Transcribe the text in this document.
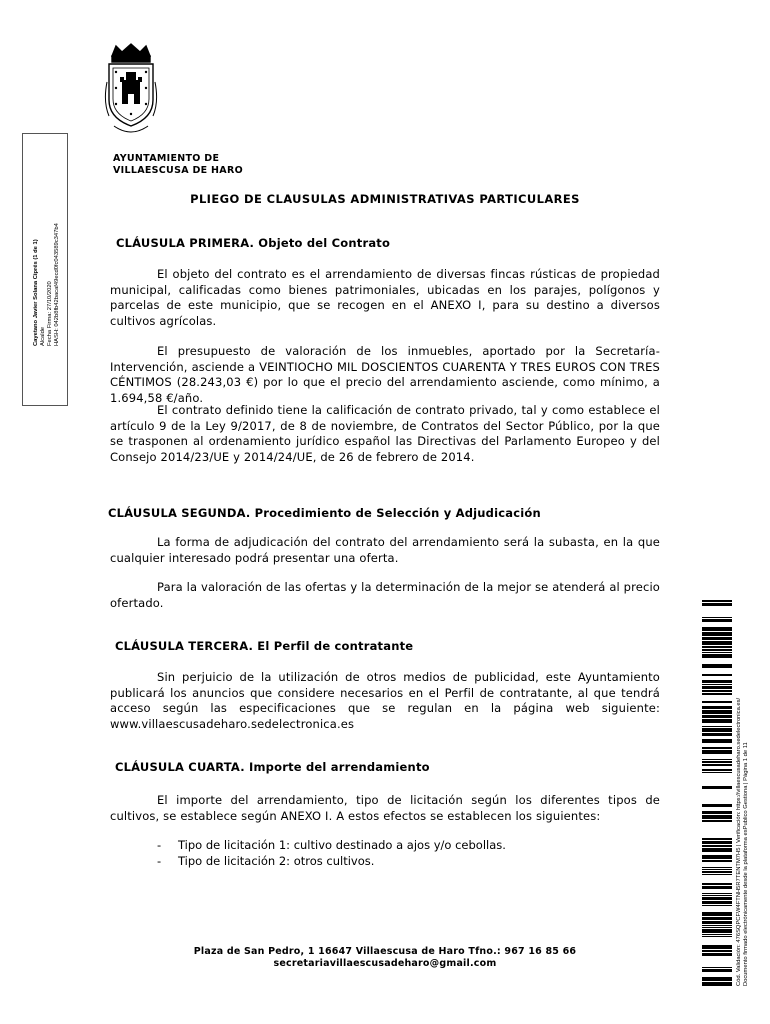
AYUNTAMIENTO DE
VILLAESCUSA DE HARO
PLIEGO DE CLAUSULAS ADMINISTRATIVAS PARTICULARES
CLÁUSULA PRIMERA. Objeto del Contrato

El objeto del contrato es el arrendamiento de diversas fincas rústicas de propiedad municipal, calificadas como bienes patrimoniales, ubicadas en los parajes, polígonos y parcelas de este municipio, que se recogen en el ANEXO I, para su destino a diversos cultivos agrícolas.

El presupuesto de valoración de los inmuebles, aportado por la Secretaría-Intervención, asciende a VEINTIOCHO MIL DOSCIENTOS CUARENTA Y TRES EUROS CON TRES CÉNTIMOS (28.243,03 €) por lo que el precio del arrendamiento asciende, como mínimo, a 1.694,58 €/año.

El contrato definido tiene la calificación de contrato privado, tal y como establece el artículo 9 de la Ley 9/2017, de 8 de noviembre, de Contratos del Sector Público, por la que se trasponen al ordenamiento jurídico español las Directivas del Parlamento Europeo y del Consejo 2014/23/UE y 2014/24/UE, de 26 de febrero de 2014.

CLÁUSULA SEGUNDA. Procedimiento de Selección y Adjudicación

La forma de adjudicación del contrato del arrendamiento será la subasta, en la que cualquier interesado podrá presentar una oferta.

Para la valoración de las ofertas y la determinación de la mejor se atenderá al precio ofertado.

CLÁUSULA TERCERA. El Perfil de contratante

Sin perjuicio de la utilización de otros medios de publicidad, este Ayuntamiento publicará los anuncios que considere necesarios en el Perfil de contratante, al que tendrá acceso según las especificaciones que se regulan en la página web siguiente: www.villaescusadeharo.sedelectronica.es

CLÁUSULA CUARTA. Importe del arrendamiento

El importe del arrendamiento, tipo de licitación según los diferentes tipos de cultivos, se establece según ANEXO I. A estos efectos se establecen los siguientes:

- Tipo de licitación 1: cultivo destinado a ajos y/o cebollas.
- Tipo de licitación 2: otros cultivos.
Plaza de San Pedro, 1 16647 Villaescusa de Haro Tfno.: 967 16 85 66
secretariavillaescusadeharo@gmail.com
Cayetano Javier Solana Ciprés (1 de 1) Alcalde Fecha Firma: 27/10/2020 HASH: 042b8fb42bacaf49ecd0fc043589c347b4
Cód. Validación: 476SQPCFW4FTNH5R7TENTM7H5 | Verificación: https://villaescusadeharo.sedelectronica.es/ Documento firmado electrónicamente desde la plataforma esPublico Gestiona | Página 1 de 11
